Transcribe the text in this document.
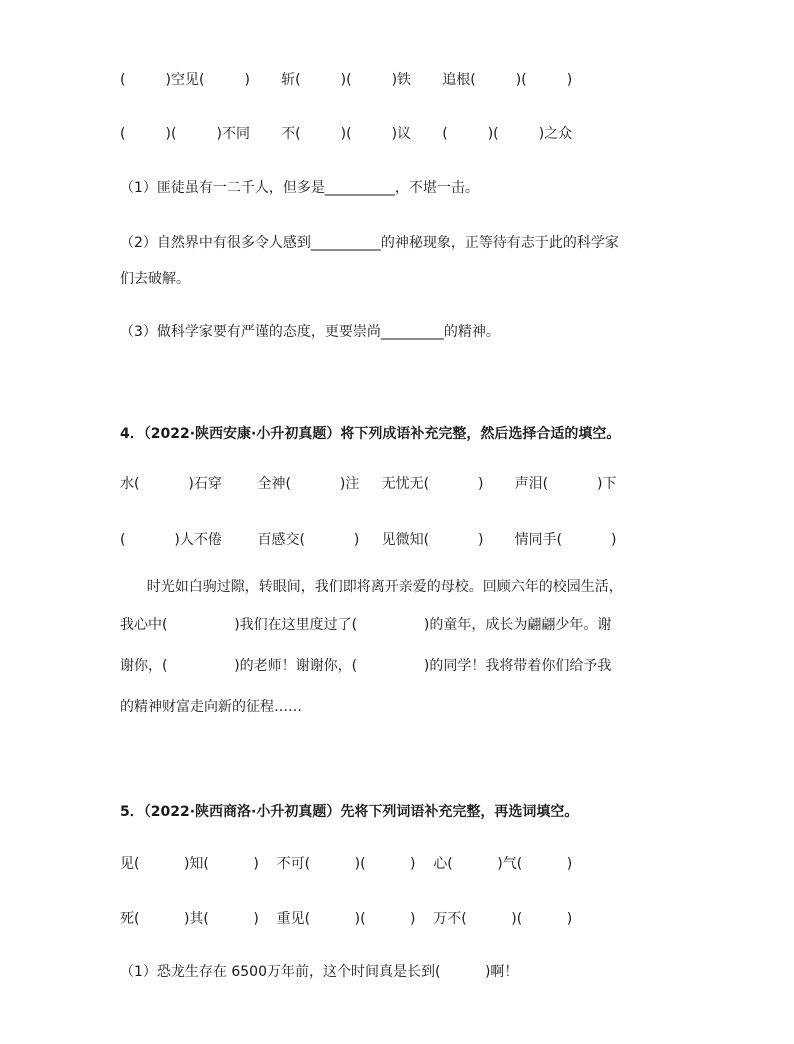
(         )空见(         )       斩(         )(         )铁       追根(         )(         )
(         )(         )不同       不(         )(         )议       (         )(         )之众
（1）匪徒虽有一二千人，但多是__________，不堪一击。
（2）自然界中有很多令人感到__________的神秘现象，正等待有志于此的科学家
们去破解。
（3）做科学家要有严谨的态度，更要崇尚_________的精神。
4．（2022·陕西安康·小升初真题）将下列成语补充完整，然后选择合适的填空。
水(           )石穿        全神(           )注     无忧无(           )       声泪(           )下
(           )人不倦        百感交(           )     见微知(           )       情同手(           )
时光如白驹过隙，转眼间，我们即将离开亲爱的母校。回顾六年的校园生活，
我心中(               )我们在这里度过了(               )的童年，成长为翩翩少年。谢
谢你，(               )的老师！谢谢你，(               )的同学！我将带着你们给予我
的精神财富走向新的征程……
5．（2022·陕西商洛·小升初真题）先将下列词语补充完整，再选词填空。
见(          )知(          )    不可(          )(          )    心(          )气(          )
死(          )其(          )    重见(          )(          )    万不(          )(          )
（1）恐龙生存在 6500万年前，这个时间真是长到(          )啊！
